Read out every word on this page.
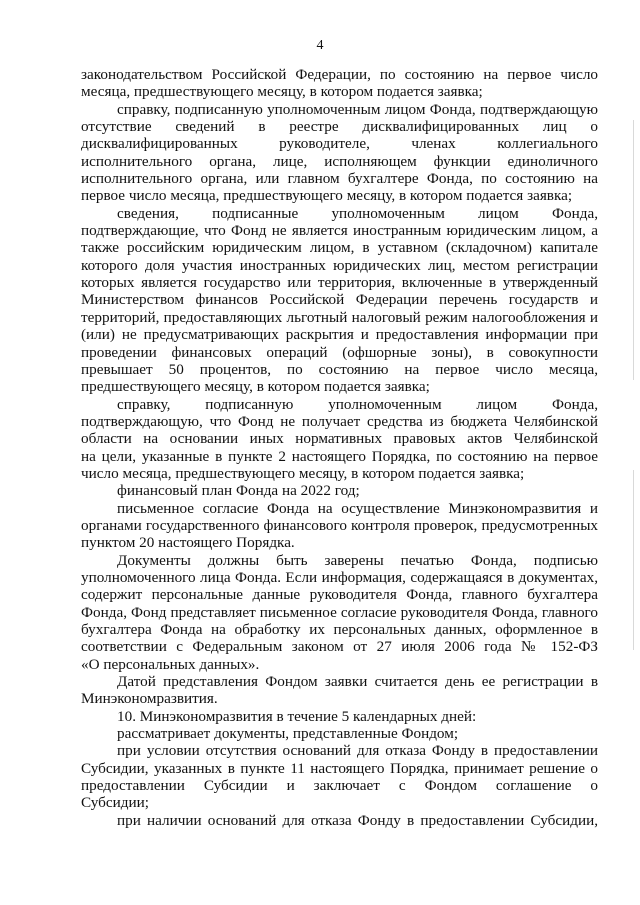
4
законодательством Российской Федерации, по состоянию на первое число
месяца, предшествующего месяцу, в котором подается заявка;
справку, подписанную уполномоченным лицом Фонда, подтверждающую
отсутствие сведений в реестре дисквалифицированных лиц о
дисквалифицированных руководителе, членах коллегиального
исполнительного органа, лице, исполняющем функции единоличного
исполнительного органа, или главном бухгалтере Фонда, по состоянию на
первое число месяца, предшествующего месяцу, в котором подается заявка;
сведения, подписанные уполномоченным лицом Фонда,
подтверждающие, что Фонд не является иностранным юридическим лицом, а
также российским юридическим лицом, в уставном (складочном) капитале
которого доля участия иностранных юридических лиц, местом регистрации
которых является государство или территория, включенные в утвержденный
Министерством финансов Российской Федерации перечень государств и
территорий, предоставляющих льготный налоговый режим налогообложения и
(или) не предусматривающих раскрытия и предоставления информации при
проведении финансовых операций (офшорные зоны), в совокупности
превышает 50 процентов, по состоянию на первое число месяца,
предшествующего месяцу, в котором подается заявка;
справку, подписанную уполномоченным лицом Фонда,
подтверждающую, что Фонд не получает средства из бюджета Челябинской
области на основании иных нормативных правовых актов Челябинской
на цели, указанные в пункте 2 настоящего Порядка, по состоянию на первое
число месяца, предшествующего месяцу, в котором подается заявка;
финансовый план Фонда на 2022 год;
письменное согласие Фонда на осуществление Минэкономразвития и
органами государственного финансового контроля проверок, предусмотренных
пунктом 20 настоящего Порядка.
Документы должны быть заверены печатью Фонда, подписью
уполномоченного лица Фонда. Если информация, содержащаяся в документах,
содержит персональные данные руководителя Фонда, главного бухгалтера
Фонда, Фонд представляет письменное согласие руководителя Фонда, главного
бухгалтера Фонда на обработку их персональных данных, оформленное в
соответствии с Федеральным законом от 27 июля 2006 года № 152-ФЗ
«О персональных данных».
Датой представления Фондом заявки считается день ее регистрации в
Минэкономразвития.
10. Минэкономразвития в течение 5 календарных дней:
рассматривает документы, представленные Фондом;
при условии отсутствия оснований для отказа Фонду в предоставлении
Субсидии, указанных в пункте 11 настоящего Порядка, принимает решение о
предоставлении Субсидии и заключает с Фондом соглашение о
Субсидии;
при наличии оснований для отказа Фонду в предоставлении Субсидии,
